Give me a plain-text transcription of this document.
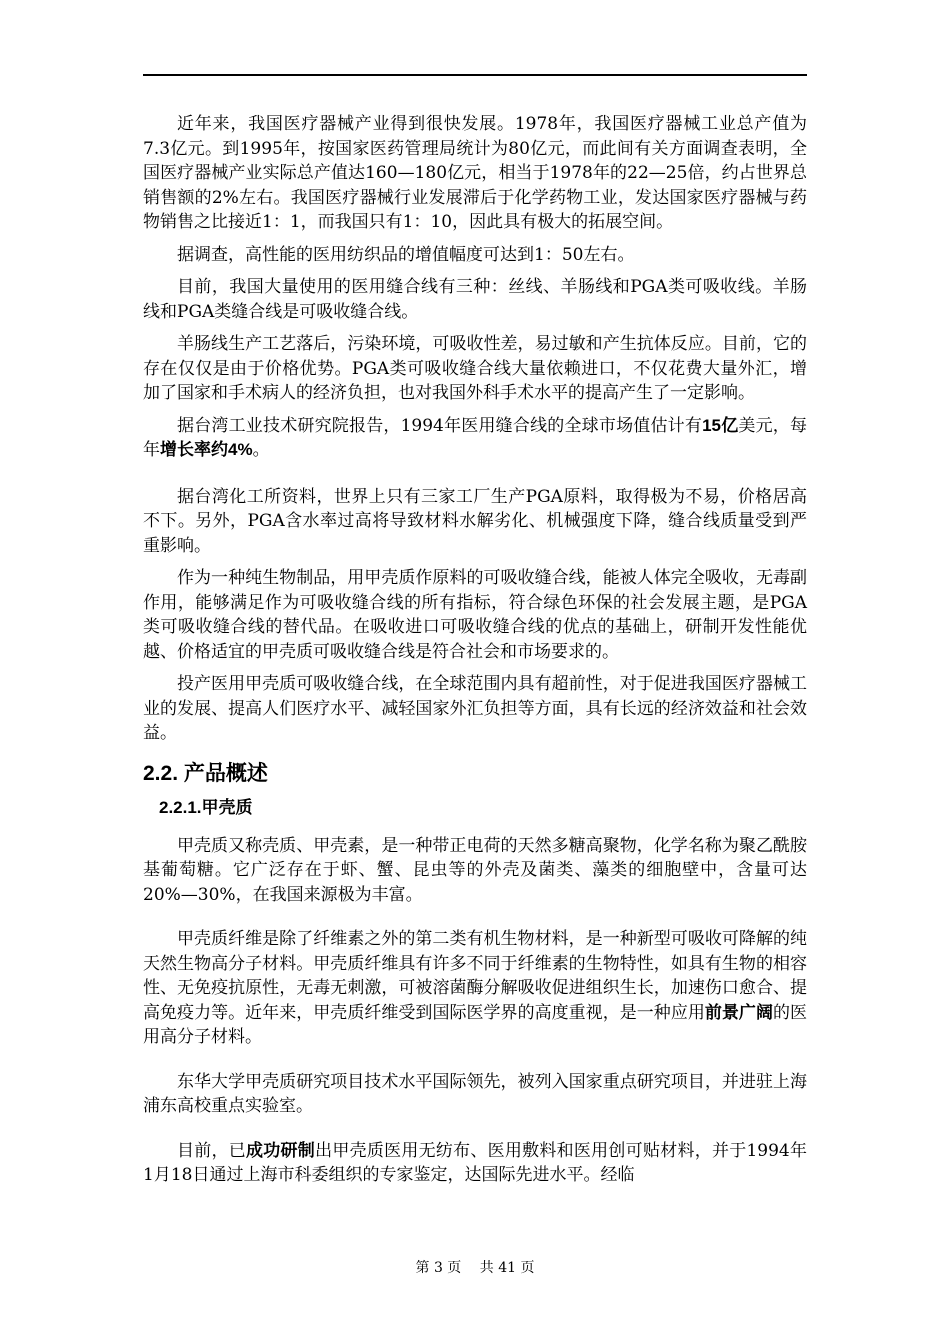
近年来，我国医疗器械产业得到很快发展。1978年，我国医疗器械工业总产值为7.3亿元。到1995年，按国家医药管理局统计为80亿元，而此间有关方面调查表明，全国医疗器械产业实际总产值达160—180亿元，相当于1978年的22—25倍，约占世界总销售额的2%左右。我国医疗器械行业发展滞后于化学药物工业，发达国家医疗器械与药物销售之比接近1：1，而我国只有1：10，因此具有极大的拓展空间。

据调查，高性能的医用纺织品的增值幅度可达到1：50左右。

目前，我国大量使用的医用缝合线有三种：丝线、羊肠线和PGA类可吸收线。羊肠线和PGA类缝合线是可吸收缝合线。

羊肠线生产工艺落后，污染环境，可吸收性差，易过敏和产生抗体反应。目前，它的存在仅仅是由于价格优势。PGA类可吸收缝合线大量依赖进口，不仅花费大量外汇，增加了国家和手术病人的经济负担，也对我国外科手术水平的提高产生了一定影响。

据台湾工业技术研究院报告，1994年医用缝合线的全球市场值估计有15亿美元，每年增长率约4%。

据台湾化工所资料，世界上只有三家工厂生产PGA原料，取得极为不易，价格居高不下。另外，PGA含水率过高将导致材料水解劣化、机械强度下降，缝合线质量受到严重影响。

作为一种纯生物制品，用甲壳质作原料的可吸收缝合线，能被人体完全吸收，无毒副作用，能够满足作为可吸收缝合线的所有指标，符合绿色环保的社会发展主题，是PGA类可吸收缝合线的替代品。在吸收进口可吸收缝合线的优点的基础上，研制开发性能优越、价格适宜的甲壳质可吸收缝合线是符合社会和市场要求的。

投产医用甲壳质可吸收缝合线，在全球范围内具有超前性，对于促进我国医疗器械工业的发展、提高人们医疗水平、减轻国家外汇负担等方面，具有长远的经济效益和社会效益。

2.2. 产品概述
2.2.1.甲壳质

甲壳质又称壳质、甲壳素，是一种带正电荷的天然多糖高聚物，化学名称为聚乙酰胺基葡萄糖。它广泛存在于虾、蟹、昆虫等的外壳及菌类、藻类的细胞壁中，含量可达20%—30%，在我国来源极为丰富。

甲壳质纤维是除了纤维素之外的第二类有机生物材料，是一种新型可吸收可降解的纯天然生物高分子材料。甲壳质纤维具有许多不同于纤维素的生物特性，如具有生物的相容性、无免疫抗原性，无毒无刺激，可被溶菌酶分解吸收促进组织生长，加速伤口愈合、提高免疫力等。近年来，甲壳质纤维受到国际医学界的高度重视，是一种应用前景广阔的医用高分子材料。

东华大学甲壳质研究项目技术水平国际领先，被列入国家重点研究项目，并进驻上海浦东高校重点实验室。

目前，已成功研制出甲壳质医用无纺布、医用敷料和医用创可贴材料，并于1994年1月18日通过上海市科委组织的专家鉴定，达国际先进水平。经临

第 3 页　 共 41 页
